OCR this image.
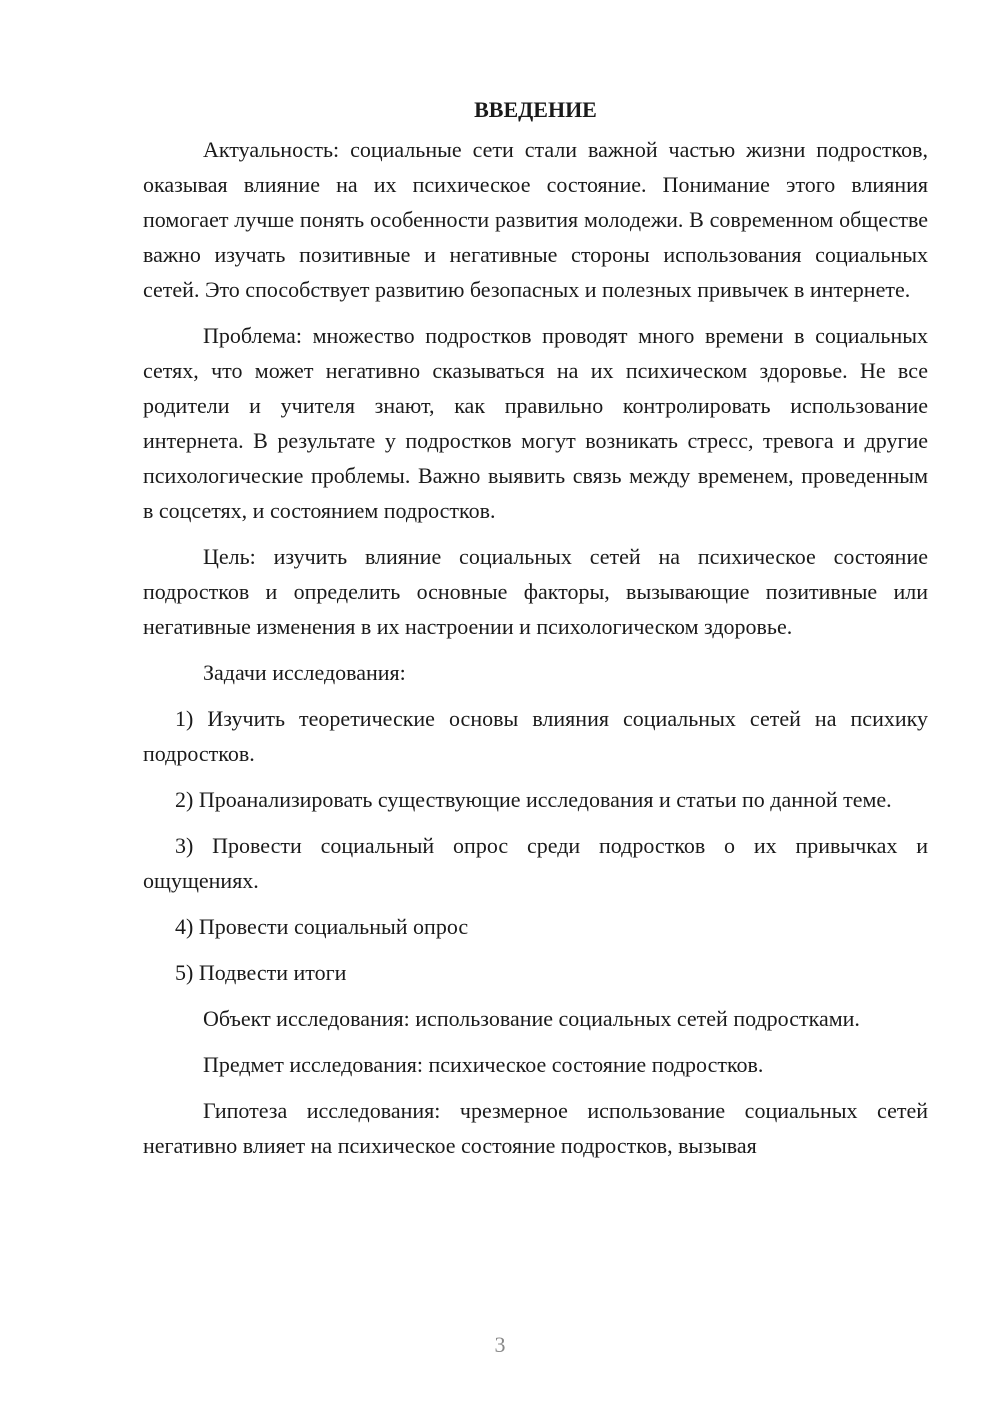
ВВЕДЕНИЕ

Актуальность: социальные сети стали важной частью жизни подростков, оказывая влияние на их психическое состояние. Понимание этого влияния помогает лучше понять особенности развития молодежи. В современном обществе важно изучать позитивные и негативные стороны использования социальных сетей. Это способствует развитию безопасных и полезных привычек в интернете.

Проблема: множество подростков проводят много времени в социальных сетях, что может негативно сказываться на их психическом здоровье. Не все родители и учителя знают, как правильно контролировать использование интернета. В результате у подростков могут возникать стресс, тревога и другие психологические проблемы. Важно выявить связь между временем, проведенным в соцсетях, и состоянием подростков.

Цель: изучить влияние социальных сетей на психическое состояние подростков и определить основные факторы, вызывающие позитивные или негативные изменения в их настроении и психологическом здоровье.

Задачи исследования:

1) Изучить теоретические основы влияния социальных сетей на психику подростков.

2) Проанализировать существующие исследования и статьи по данной теме.

3) Провести социальный опрос среди подростков о их привычках и ощущениях.

4) Провести социальный опрос

5) Подвести итоги

Объект исследования: использование социальных сетей подростками.

Предмет исследования: психическое состояние подростков.

Гипотеза исследования: чрезмерное использование социальных сетей негативно влияет на психическое состояние подростков, вызывая

3
